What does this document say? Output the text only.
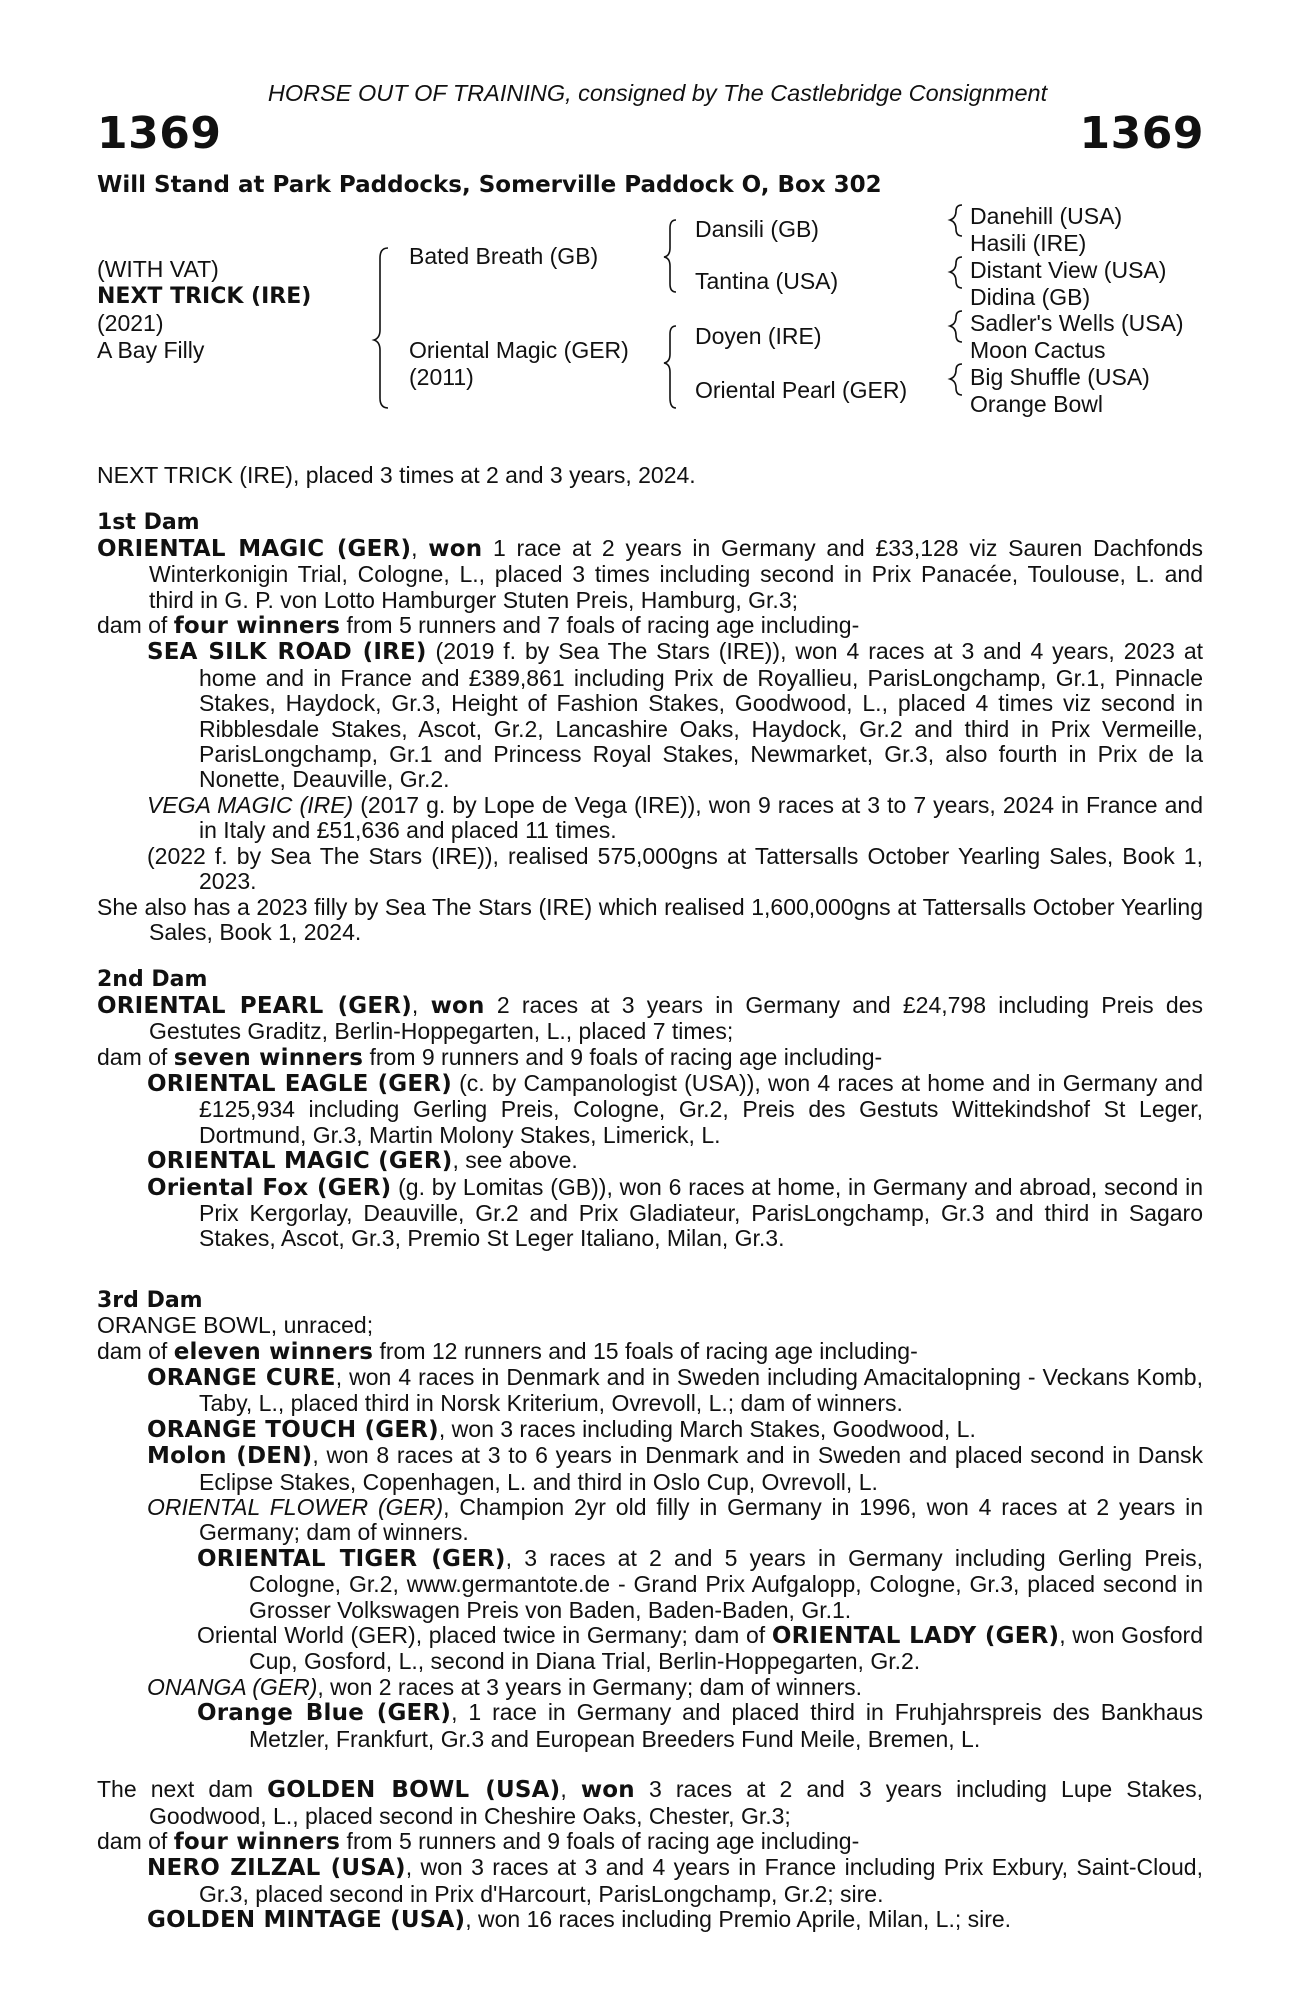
HORSE OUT OF TRAINING, consigned by The Castlebridge Consignment
1369	1369
Will Stand at Park Paddocks, Somerville Paddock O, Box 302
(WITH VAT)
NEXT TRICK (IRE)
(2021)
A Bay Filly
Bated Breath (GB)
Oriental Magic (GER)
(2011)
Dansili (GB)
Tantina (USA)
Doyen (IRE)
Oriental Pearl (GER)
Danehill (USA)
Hasili (IRE)
Distant View (USA)
Didina (GB)
Sadler's Wells (USA)
Moon Cactus
Big Shuffle (USA)
Orange Bowl

NEXT TRICK (IRE), placed 3 times at 2 and 3 years, 2024.

1st Dam

ORIENTAL MAGIC (GER), won 1 race at 2 years in Germany and £33,128 viz Sauren Dachfonds Winterkonigin Trial, Cologne, L., placed 3 times including second in Prix Panacée, Toulouse, L. and third in G. P. von Lotto Hamburger Stuten Preis, Hamburg, Gr.3;

dam of four winners from 5 runners and 7 foals of racing age including-

SEA SILK ROAD (IRE) (2019 f. by Sea The Stars (IRE)), won 4 races at 3 and 4 years, 2023 at home and in France and £389,861 including Prix de Royallieu, ParisLongchamp, Gr.1, Pinnacle Stakes, Haydock, Gr.3, Height of Fashion Stakes, Goodwood, L., placed 4 times viz second in Ribblesdale Stakes, Ascot, Gr.2, Lancashire Oaks, Haydock, Gr.2 and third in Prix Vermeille, ParisLongchamp, Gr.1 and Princess Royal Stakes, Newmarket, Gr.3, also fourth in Prix de la Nonette, Deauville, Gr.2.

VEGA MAGIC (IRE) (2017 g. by Lope de Vega (IRE)), won 9 races at 3 to 7 years, 2024 in France and in Italy and £51,636 and placed 11 times.

(2022 f. by Sea The Stars (IRE)), realised 575,000gns at Tattersalls October Yearling Sales, Book 1, 2023.

She also has a 2023 filly by Sea The Stars (IRE) which realised 1,600,000gns at Tattersalls October Yearling Sales, Book 1, 2024.

2nd Dam

ORIENTAL PEARL (GER), won 2 races at 3 years in Germany and £24,798 including Preis des Gestutes Graditz, Berlin-Hoppegarten, L., placed 7 times;

dam of seven winners from 9 runners and 9 foals of racing age including-

ORIENTAL EAGLE (GER) (c. by Campanologist (USA)), won 4 races at home and in Germany and £125,934 including Gerling Preis, Cologne, Gr.2, Preis des Gestuts Wittekindshof St Leger, Dortmund, Gr.3, Martin Molony Stakes, Limerick, L.

ORIENTAL MAGIC (GER), see above.

Oriental Fox (GER) (g. by Lomitas (GB)), won 6 races at home, in Germany and abroad, second in Prix Kergorlay, Deauville, Gr.2 and Prix Gladiateur, ParisLongchamp, Gr.3 and third in Sagaro Stakes, Ascot, Gr.3, Premio St Leger Italiano, Milan, Gr.3.

3rd Dam

ORANGE BOWL, unraced;

dam of eleven winners from 12 runners and 15 foals of racing age including-

ORANGE CURE, won 4 races in Denmark and in Sweden including Amacitalopning - Veckans Komb, Taby, L., placed third in Norsk Kriterium, Ovrevoll, L.; dam of winners.

ORANGE TOUCH (GER), won 3 races including March Stakes, Goodwood, L.

Molon (DEN), won 8 races at 3 to 6 years in Denmark and in Sweden and placed second in Dansk Eclipse Stakes, Copenhagen, L. and third in Oslo Cup, Ovrevoll, L.

ORIENTAL FLOWER (GER), Champion 2yr old filly in Germany in 1996, won 4 races at 2 years in Germany; dam of winners.

ORIENTAL TIGER (GER), 3 races at 2 and 5 years in Germany including Gerling Preis, Cologne, Gr.2, www.germantote.de - Grand Prix Aufgalopp, Cologne, Gr.3, placed second in Grosser Volkswagen Preis von Baden, Baden-Baden, Gr.1.

Oriental World (GER), placed twice in Germany; dam of ORIENTAL LADY (GER), won Gosford Cup, Gosford, L., second in Diana Trial, Berlin-Hoppegarten, Gr.2.

ONANGA (GER), won 2 races at 3 years in Germany; dam of winners.

Orange Blue (GER), 1 race in Germany and placed third in Fruhjahrspreis des Bankhaus Metzler, Frankfurt, Gr.3 and European Breeders Fund Meile, Bremen, L.

The next dam GOLDEN BOWL (USA), won 3 races at 2 and 3 years including Lupe Stakes, Goodwood, L., placed second in Cheshire Oaks, Chester, Gr.3;

dam of four winners from 5 runners and 9 foals of racing age including-

NERO ZILZAL (USA), won 3 races at 3 and 4 years in France including Prix Exbury, Saint-Cloud, Gr.3, placed second in Prix d'Harcourt, ParisLongchamp, Gr.2; sire.

GOLDEN MINTAGE (USA), won 16 races including Premio Aprile, Milan, L.; sire.
